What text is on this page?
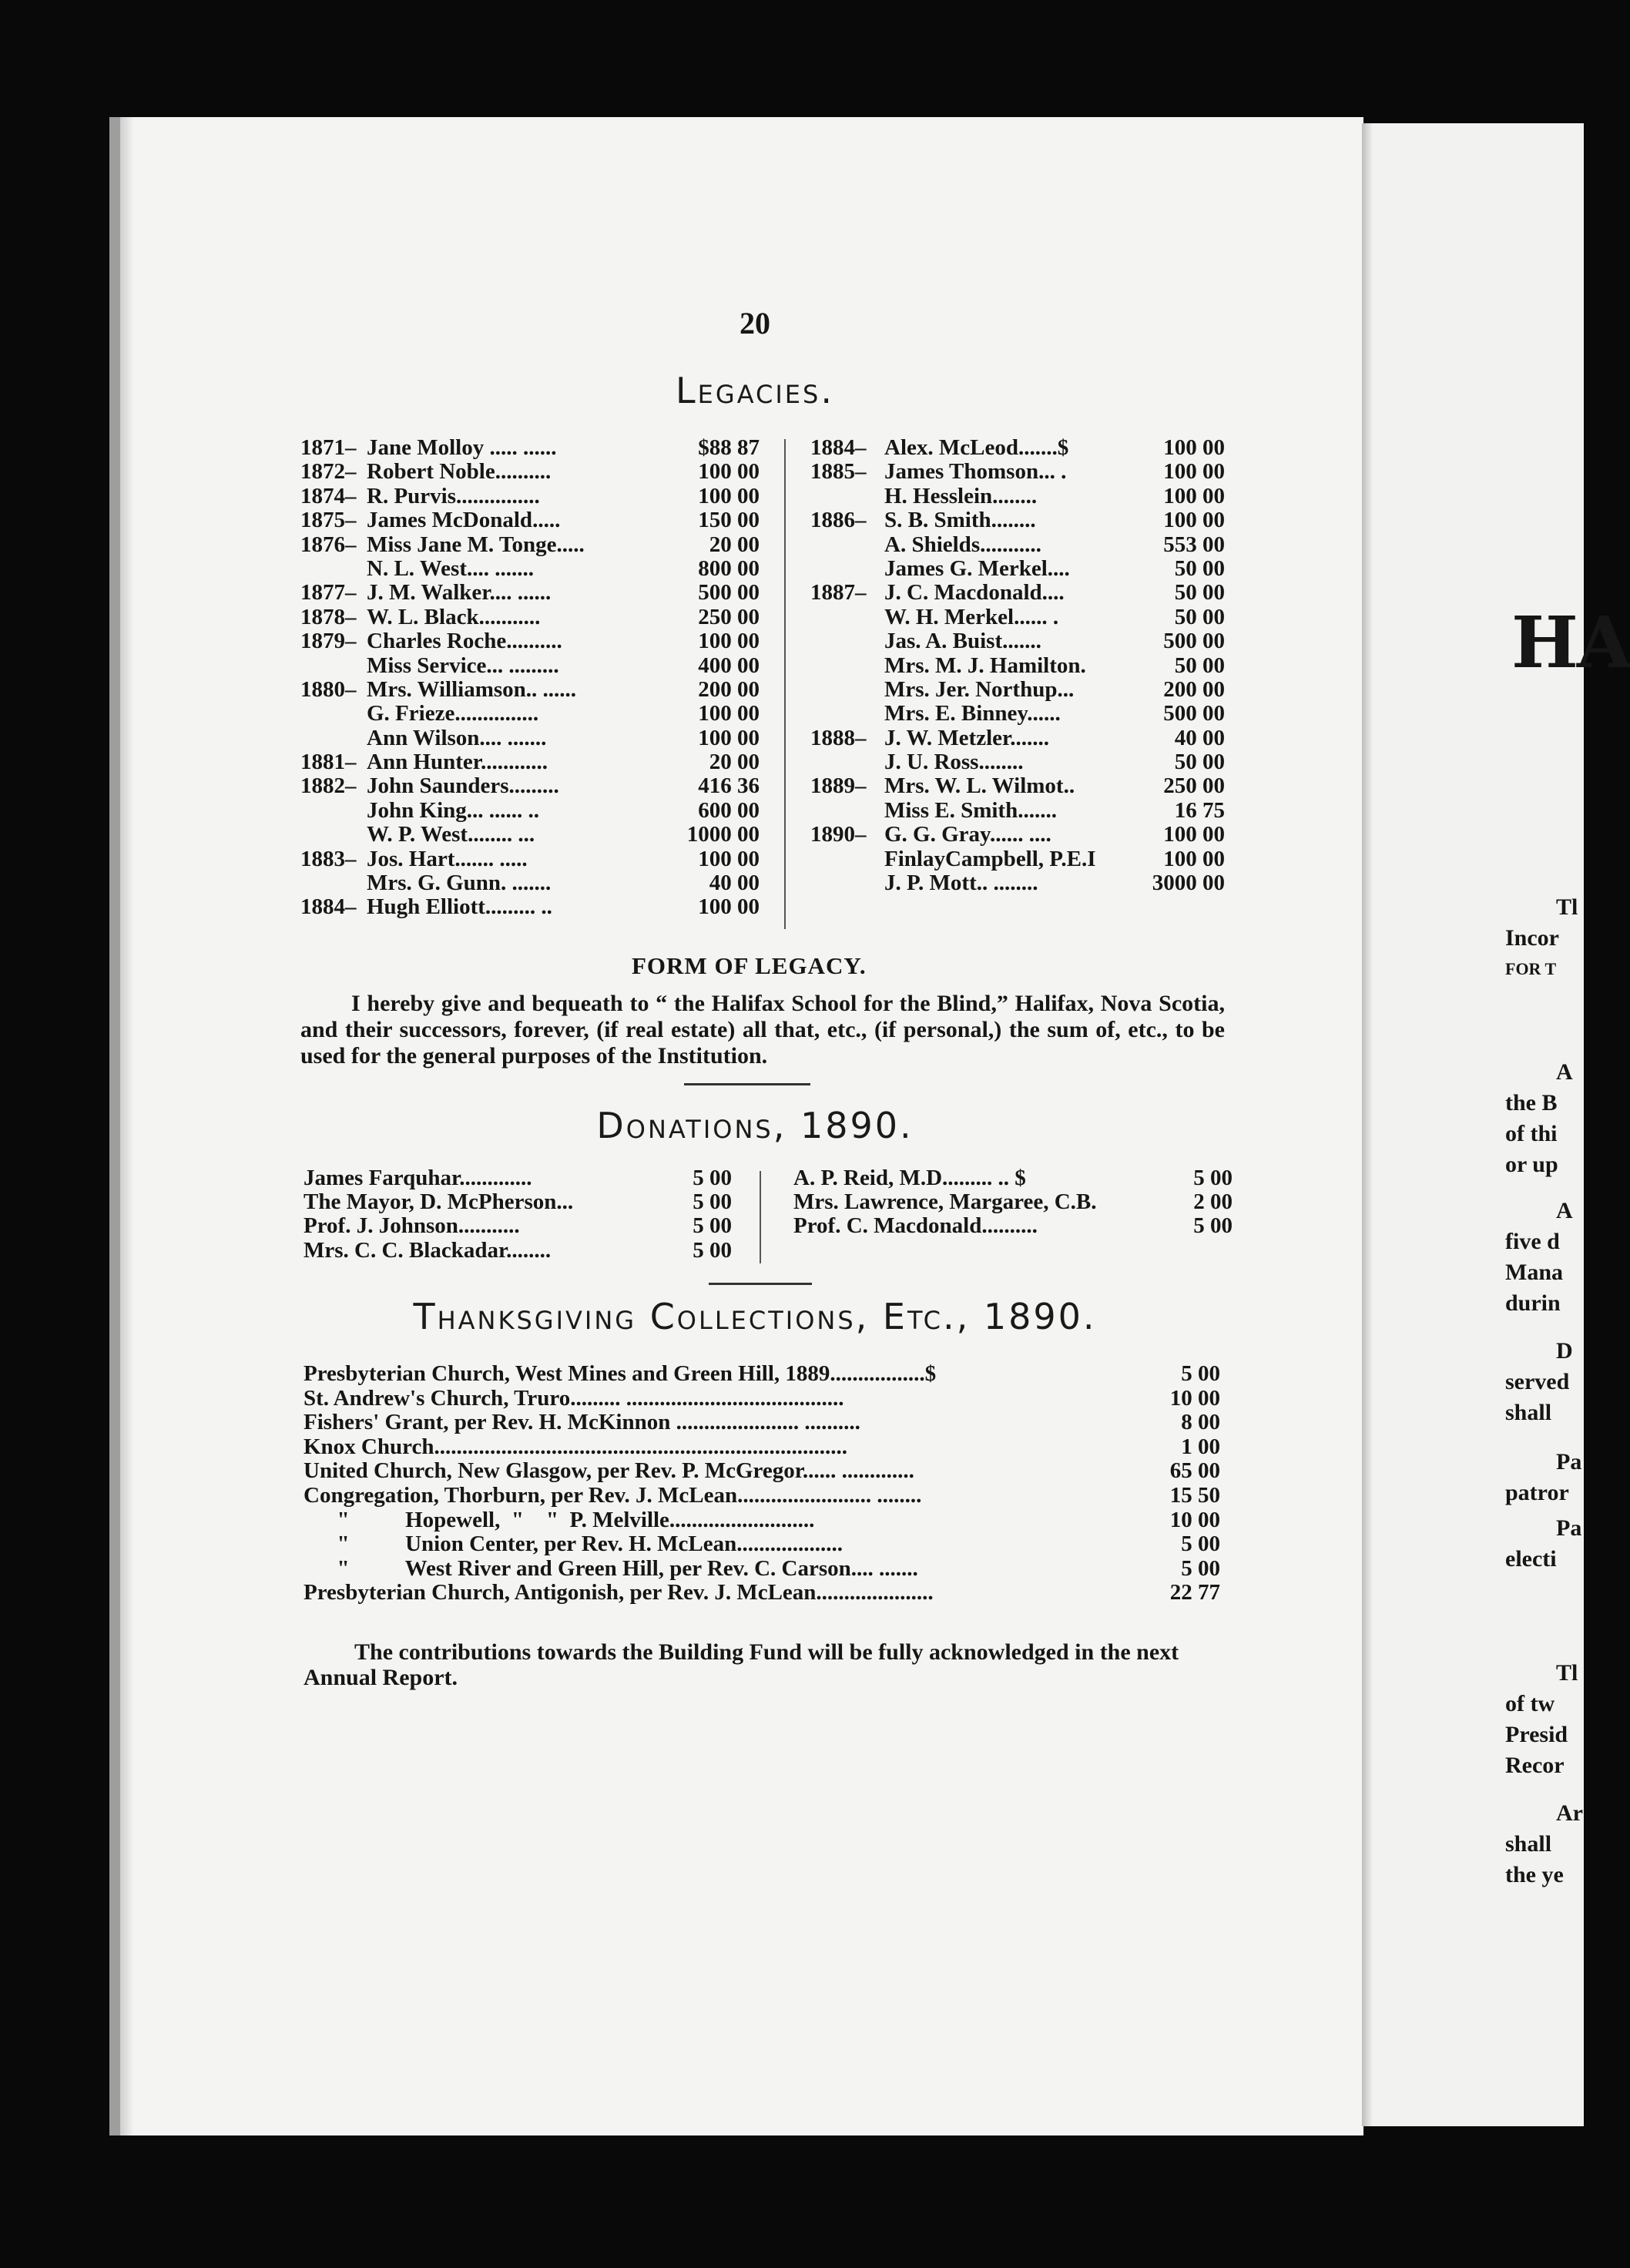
20
Legacies.
1871– Jane Molloy ..... ......	$88 87
1872– Robert Noble..........	100 00
1874– R. Purvis...............	100 00
1875– James McDonald.....	150 00
1876– Miss Jane M. Tonge.....	20 00
N. L. West.... .......	800 00
1877– J. M. Walker.... ......	500 00
1878– W. L. Black...........	250 00
1879– Charles Roche..........	100 00
Miss Service... .........	400 00
1880– Mrs. Williamson.. ......	200 00
G. Frieze...............	100 00
Ann Wilson.... .......	100 00
1881– Ann Hunter............	20 00
1882– John Saunders.........	416 36
John King... ...... ..	600 00
W. P. West........ ...	1000 00
1883– Jos. Hart....... .....	100 00
Mrs. G. Gunn. .......	40 00
1884– Hugh Elliott......... ..	100 00
1884– Alex. McLeod.......$	100 00
1885– James Thomson... .	100 00
H. Hesslein........	100 00
1886– S. B. Smith........	100 00
A. Shields...........	553 00
James G. Merkel....	50 00
1887– J. C. Macdonald....	50 00
W. H. Merkel...... .	50 00
Jas. A. Buist.......	500 00
Mrs. M. J. Hamilton.	50 00
Mrs. Jer. Northup...	200 00
Mrs. E. Binney......	500 00
1888– J. W. Metzler.......	40 00
J. U. Ross........	50 00
1889– Mrs. W. L. Wilmot..	250 00
Miss E. Smith.......	16 75
1890– G. G. Gray...... ....	100 00
FinlayCampbell, P.E.I	100 00
J. P. Mott.. ........	3000 00
FORM OF LEGACY.
I hereby give and bequeath to “ the Halifax School for the Blind,” Halifax, Nova Scotia, and their successors, forever, (if real estate) all that, etc., (if personal,) the sum of, etc., to be used for the general purposes of the Institution.
Donations, 1890.
James Farquhar.............	5 00
The Mayor, D. McPherson...	5 00
Prof. J. Johnson...........	5 00
Mrs. C. C. Blackadar........	5 00
A. P. Reid, M.D......... .. $	5 00
Mrs. Lawrence, Margaree, C.B.	2 00
Prof. C. Macdonald..........	5 00
Thanksgiving Collections, Etc., 1890.
Presbyterian Church, West Mines and Green Hill, 1889.................$	5 00
St. Andrew's Church, Truro......... .......................................	10 00
Fishers' Grant, per Rev. H. McKinnon ...................... ..........	8 00
Knox Church..........................................................................	1 00
United Church, New Glasgow, per Rev. P. McGregor...... .............	65 00
Congregation, Thorburn, per Rev. J. McLean........................ ........	15 50
"          Hopewell,  "    "  P. Melville..........................	10 00
"          Union Center, per Rev. H. McLean...................	5 00
"          West River and Green Hill, per Rev. C. Carson.... .......	5 00
Presbyterian Church, Antigonish, per Rev. J. McLean.....................	22 77
The contributions towards the Building Fund will be fully acknowledged in the next Annual Report.
HA
Tl
Incor
FOR T
A
the B
of thi
or up
A
five d
Mana
durin
D
served
shall
Pa
patror
Pa
electi
Tl
of tw
Presid
Recor
Ar
shall
the ye
